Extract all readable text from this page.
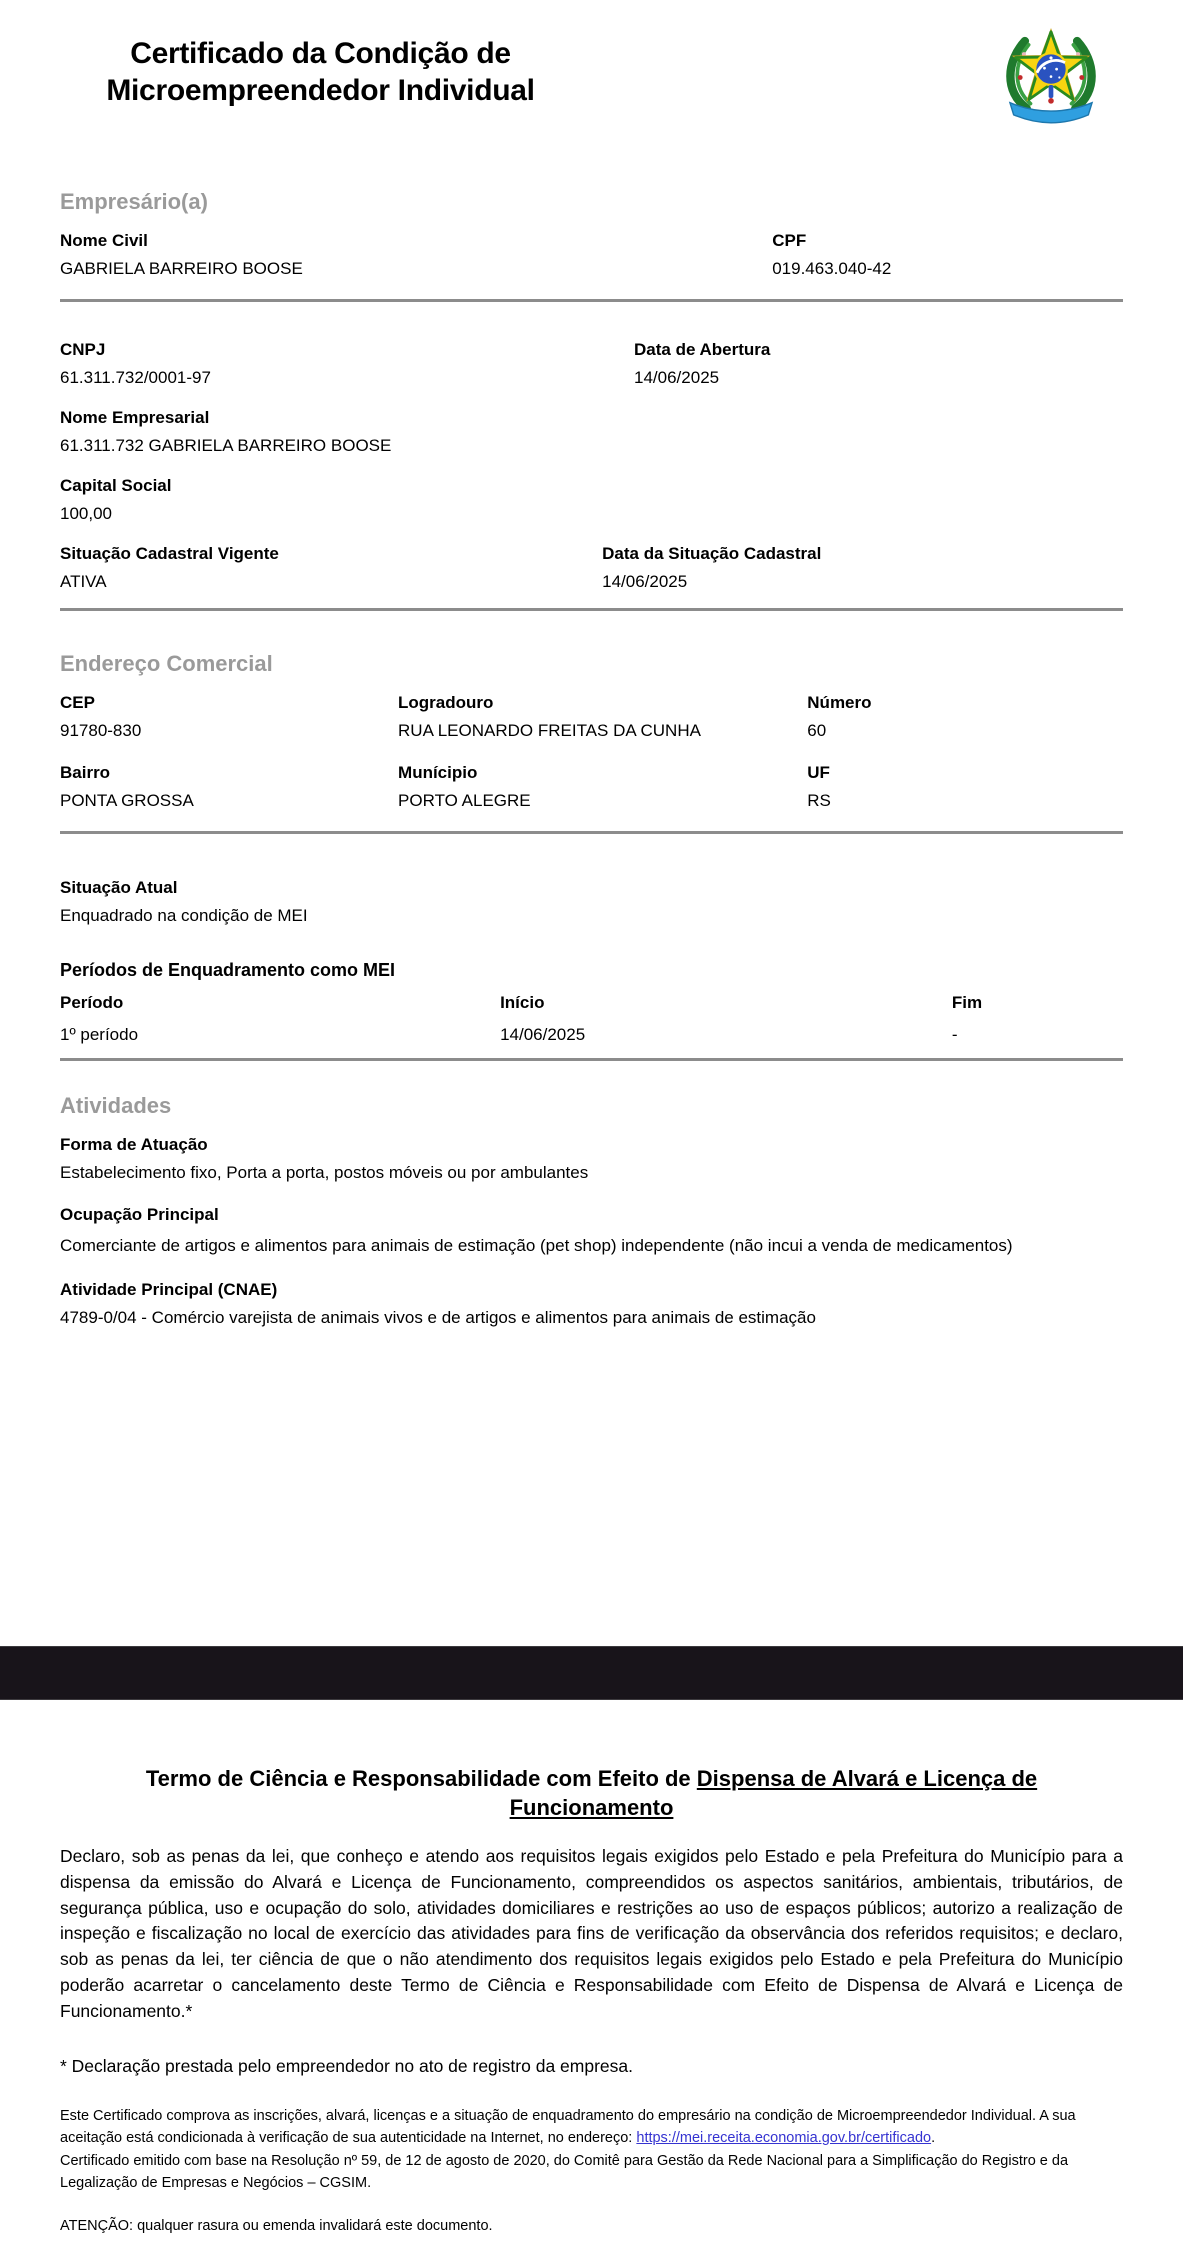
Certificado da Condição de Microempreendedor Individual
Empresário(a)
Nome Civil
GABRIELA BARREIRO BOOSE
CPF
019.463.040-42
CNPJ
61.311.732/0001-97
Data de Abertura
14/06/2025
Nome Empresarial
61.311.732 GABRIELA BARREIRO BOOSE
Capital Social
100,00
Situação Cadastral Vigente
ATIVA
Data da Situação Cadastral
14/06/2025
Endereço Comercial
CEP
91780-830
Logradouro
RUA LEONARDO FREITAS DA CUNHA
Número
60
Bairro
PONTA GROSSA
Munícipio
PORTO ALEGRE
UF
RS
Situação Atual
Enquadrado na condição de MEI
Períodos de Enquadramento como MEI
Período	Início	Fim
1º período	14/06/2025	-
Atividades
Forma de Atuação
Estabelecimento fixo, Porta a porta, postos móveis ou por ambulantes
Ocupação Principal
Comerciante de artigos e alimentos para animais de estimação (pet shop) independente (não incui a venda de medicamentos)
Atividade Principal (CNAE)
4789-0/04 - Comércio varejista de animais vivos e de artigos e alimentos para animais de estimação
Termo de Ciência e Responsabilidade com Efeito de Dispensa de Alvará e Licença de Funcionamento

Declaro, sob as penas da lei, que conheço e atendo aos requisitos legais exigidos pelo Estado e pela Prefeitura do Município para a dispensa da emissão do Alvará e Licença de Funcionamento, compreendidos os aspectos sanitários, ambientais, tributários, de segurança pública, uso e ocupação do solo, atividades domiciliares e restrições ao uso de espaços públicos; autorizo a realização de inspeção e fiscalização no local de exercício das atividades para fins de verificação da observância dos referidos requisitos; e declaro, sob as penas da lei, ter ciência de que o não atendimento dos requisitos legais exigidos pelo Estado e pela Prefeitura do Município poderão acarretar o cancelamento deste Termo de Ciência e Responsabilidade com Efeito de Dispensa de Alvará e Licença de Funcionamento.*

* Declaração prestada pelo empreendedor no ato de registro da empresa.

Este Certificado comprova as inscrições, alvará, licenças e a situação de enquadramento do empresário na condição de Microempreendedor Individual. A sua aceitação está condicionada à verificação de sua autenticidade na Internet, no endereço: https://mei.receita.economia.gov.br/certificado.

Certificado emitido com base na Resolução nº 59, de 12 de agosto de 2020, do Comitê para Gestão da Rede Nacional para a Simplificação do Registro e da Legalização de Empresas e Negócios – CGSIM.

ATENÇÃO: qualquer rasura ou emenda invalidará este documento.
